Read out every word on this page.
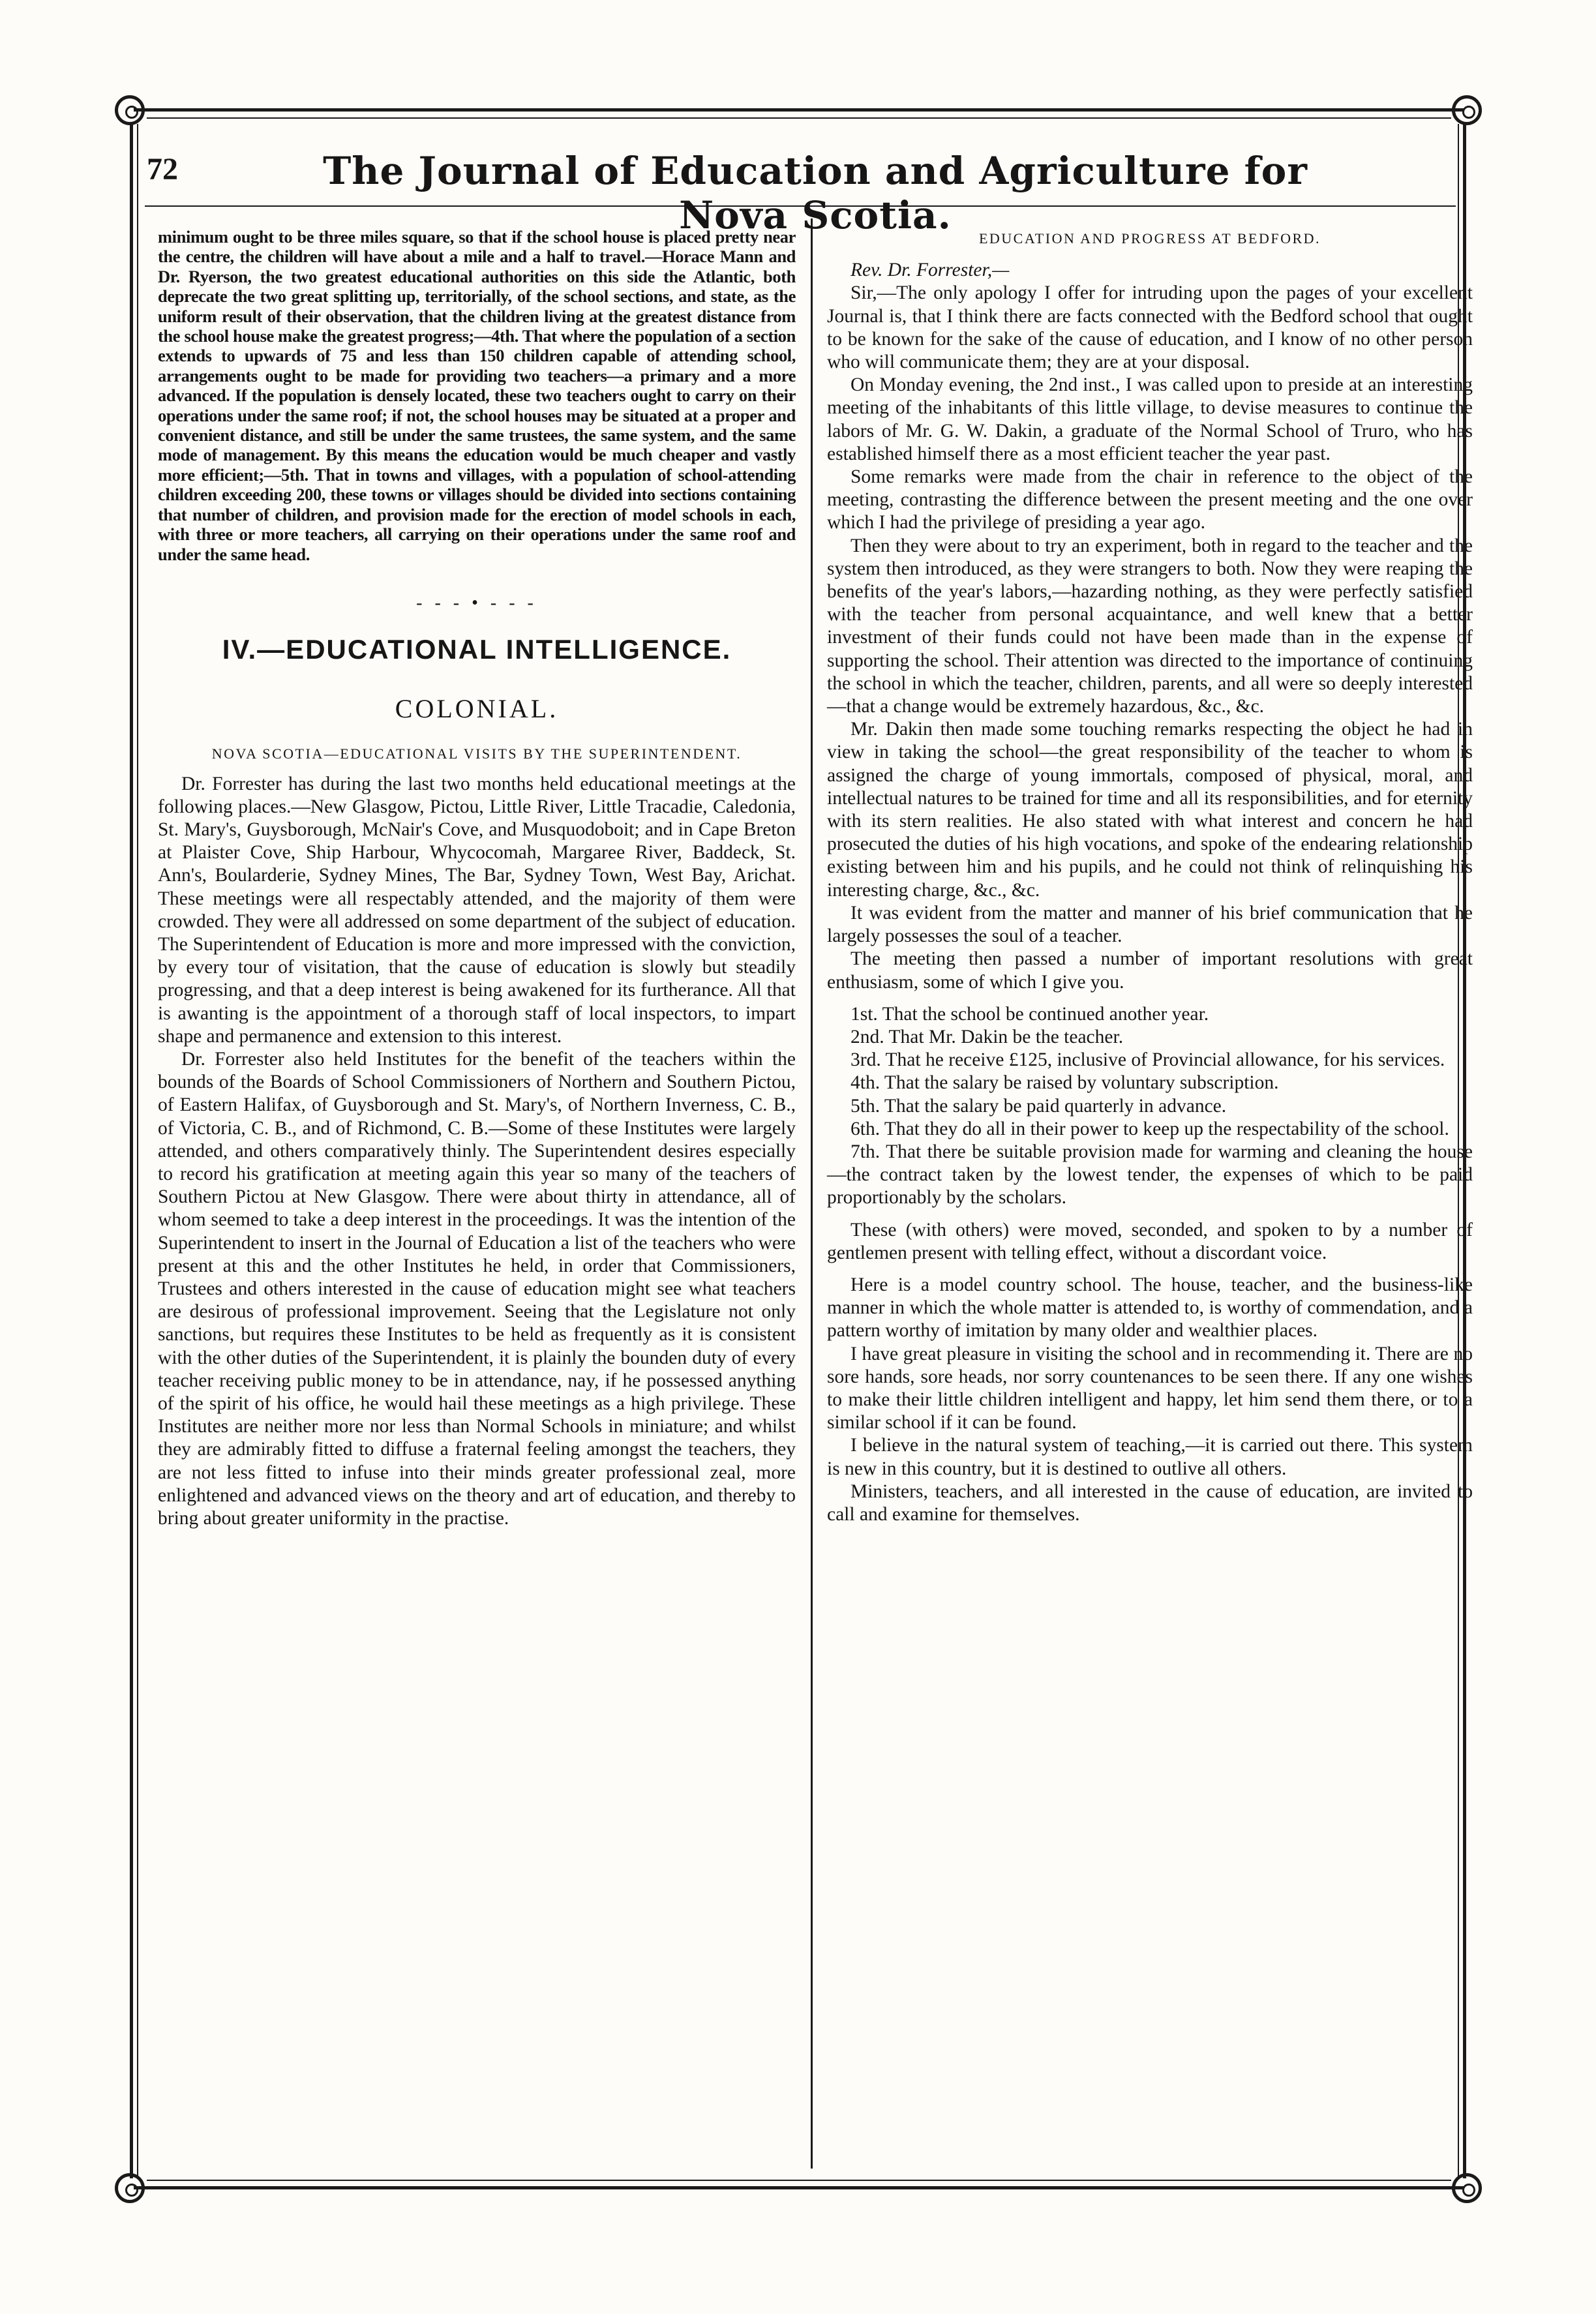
72	The Journal of Education and Agriculture for Nova Scotia.

minimum ought to be three miles square, so that if the school house is placed pretty near the centre, the children will have about a mile and a half to travel.—Horace Mann and Dr. Ryerson, the two greatest educational authorities on this side the Atlantic, both deprecate the two great splitting up, territorially, of the school sections, and state, as the uniform result of their observation, that the children living at the greatest distance from the school house make the greatest progress;—4th. That where the population of a section extends to upwards of 75 and less than 150 children capable of attending school, arrangements ought to be made for providing two teachers—a primary and a more advanced. If the population is densely located, these two teachers ought to carry on their operations under the same roof; if not, the school houses may be situated at a proper and convenient distance, and still be under the same trustees, the same system, and the same mode of management. By this means the education would be much cheaper and vastly more efficient;—5th. That in towns and villages, with a population of school-attending children exceeding 200, these towns or villages should be divided into sections containing that number of children, and provision made for the erection of model schools in each, with three or more teachers, all carrying on their operations under the same roof and under the same head.

- - - • - - -
IV.—EDUCATIONAL INTELLIGENCE.
COLONIAL.
NOVA SCOTIA—EDUCATIONAL VISITS BY THE SUPERINTENDENT.

Dr. Forrester has during the last two months held educational meetings at the following places.—New Glasgow, Pictou, Little River, Little Tracadie, Caledonia, St. Mary's, Guysborough, McNair's Cove, and Musquodoboit; and in Cape Breton at Plaister Cove, Ship Harbour, Whycocomah, Margaree River, Baddeck, St. Ann's, Boularderie, Sydney Mines, The Bar, Sydney Town, West Bay, Arichat. These meetings were all respectably attended, and the majority of them were crowded. They were all addressed on some department of the subject of education. The Superintendent of Education is more and more impressed with the conviction, by every tour of visitation, that the cause of education is slowly but steadily progressing, and that a deep interest is being awakened for its furtherance. All that is awanting is the appointment of a thorough staff of local inspectors, to impart shape and permanence and extension to this interest.

Dr. Forrester also held Institutes for the benefit of the teachers within the bounds of the Boards of School Commissioners of Northern and Southern Pictou, of Eastern Halifax, of Guysborough and St. Mary's, of Northern Inverness, C. B., of Victoria, C. B., and of Richmond, C. B.—Some of these Institutes were largely attended, and others comparatively thinly. The Superintendent desires especially to record his gratification at meeting again this year so many of the teachers of Southern Pictou at New Glasgow. There were about thirty in attendance, all of whom seemed to take a deep interest in the proceedings. It was the intention of the Superintendent to insert in the Journal of Education a list of the teachers who were present at this and the other Institutes he held, in order that Commissioners, Trustees and others interested in the cause of education might see what teachers are desirous of professional improvement. Seeing that the Legislature not only sanctions, but requires these Institutes to be held as frequently as it is consistent with the other duties of the Superintendent, it is plainly the bounden duty of every teacher receiving public money to be in attendance, nay, if he possessed anything of the spirit of his office, he would hail these meetings as a high privilege. These Institutes are neither more nor less than Normal Schools in miniature; and whilst they are admirably fitted to diffuse a fraternal feeling amongst the teachers, they are not less fitted to infuse into their minds greater professional zeal, more enlightened and advanced views on the theory and art of education, and thereby to bring about greater uniformity in the practise.

EDUCATION AND PROGRESS AT BEDFORD.

Rev. Dr. Forrester,—

Sir,—The only apology I offer for intruding upon the pages of your excellent Journal is, that I think there are facts connected with the Bedford school that ought to be known for the sake of the cause of education, and I know of no other person who will communicate them; they are at your disposal.

On Monday evening, the 2nd inst., I was called upon to preside at an interesting meeting of the inhabitants of this little village, to devise measures to continue the labors of Mr. G. W. Dakin, a graduate of the Normal School of Truro, who has established himself there as a most efficient teacher the year past.

Some remarks were made from the chair in reference to the object of the meeting, contrasting the difference between the present meeting and the one over which I had the privilege of presiding a year ago.

Then they were about to try an experiment, both in regard to the teacher and the system then introduced, as they were strangers to both. Now they were reaping the benefits of the year's labors,—hazarding nothing, as they were perfectly satisfied with the teacher from personal acquaintance, and well knew that a better investment of their funds could not have been made than in the expense of supporting the school. Their attention was directed to the importance of continuing the school in which the teacher, children, parents, and all were so deeply interested—that a change would be extremely hazardous, &c., &c.

Mr. Dakin then made some touching remarks respecting the object he had in view in taking the school—the great responsibility of the teacher to whom is assigned the charge of young immortals, composed of physical, moral, and intellectual natures to be trained for time and all its responsibilities, and for eternity with its stern realities. He also stated with what interest and concern he had prosecuted the duties of his high vocations, and spoke of the endearing relationship existing between him and his pupils, and he could not think of relinquishing his interesting charge, &c., &c.

It was evident from the matter and manner of his brief communication that he largely possesses the soul of a teacher.

The meeting then passed a number of important resolutions with great enthusiasm, some of which I give you.

1st. That the school be continued another year.

2nd. That Mr. Dakin be the teacher.

3rd. That he receive £125, inclusive of Provincial allowance, for his services.

4th. That the salary be raised by voluntary subscription.

5th. That the salary be paid quarterly in advance.

6th. That they do all in their power to keep up the respectability of the school.

7th. That there be suitable provision made for warming and cleaning the house—the contract taken by the lowest tender, the expenses of which to be paid proportionably by the scholars.

These (with others) were moved, seconded, and spoken to by a number of gentlemen present with telling effect, without a discordant voice.

Here is a model country school. The house, teacher, and the business-like manner in which the whole matter is attended to, is worthy of commendation, and a pattern worthy of imitation by many older and wealthier places.

I have great pleasure in visiting the school and in recommending it. There are no sore hands, sore heads, nor sorry countenances to be seen there. If any one wishes to make their little children intelligent and happy, let him send them there, or to a similar school if it can be found.

I believe in the natural system of teaching,—it is carried out there. This system is new in this country, but it is destined to outlive all others.

Ministers, teachers, and all interested in the cause of education, are invited to call and examine for themselves.
